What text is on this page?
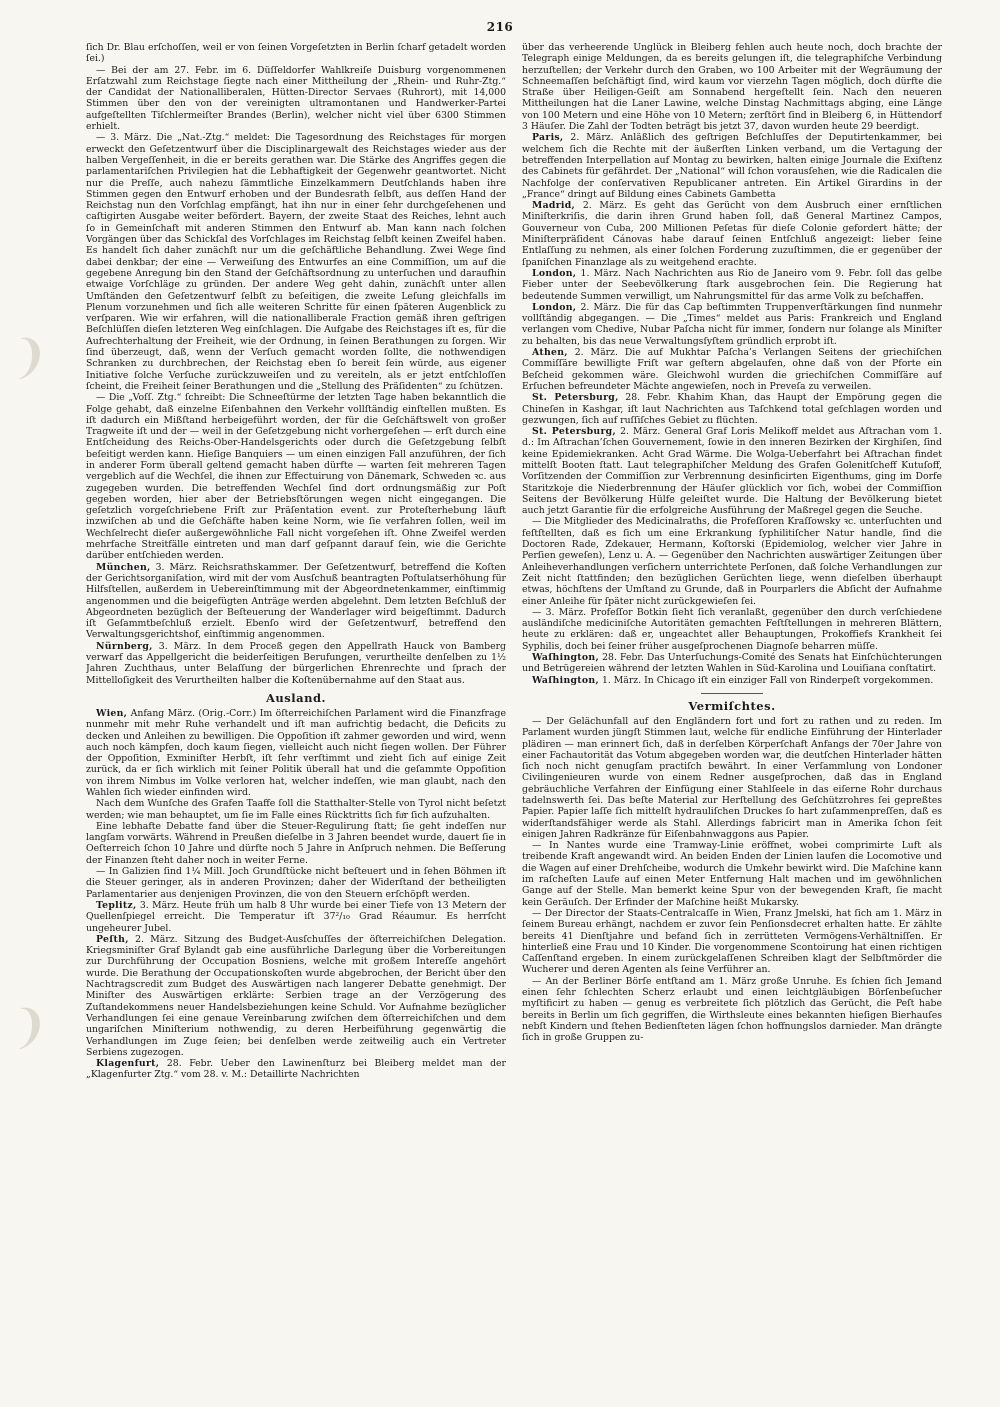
216
❩
❩

ſich Dr. Blau erſchoſſen, weil er von ſeinen Vorgeſetzten in Berlin ſcharf getadelt worden ſei.)

— Bei der am 27. Febr. im 6. Düſſeldorfer Wahlkreiſe Duisburg vorgenommenen Erſatzwahl zum Reichstage ſiegte nach einer Mittheilung der „Rhein- und Ruhr-Ztg.“ der Candidat der Nationalliberalen, Hütten-Director Servaes (Ruhrort), mit 14,000 Stimmen über den von der vereinigten ultramontanen und Handwerker-Partei aufgeſtellten Tiſchlermeiſter Brandes (Berlin), welcher nicht viel über 6300 Stimmen erhielt.

— 3. März. Die „Nat.-Ztg.“ meldet: Die Tagesordnung des Reichstages für morgen erweckt den Geſetzentwurf über die Disciplinargewalt des Reichstages wieder aus der halben Vergeſſenheit, in die er bereits gerathen war. Die Stärke des Angriffes gegen die parlamentariſchen Privilegien hat die Lebhaftigkeit der Gegenwehr geantwortet. Nicht nur die Preſſe, auch nahezu ſämmtliche Einzelkammern Deutſchlands haben ihre Stimmen gegen den Entwurf erhoben und der Bundesrath ſelbſt, aus deſſen Hand der Reichstag nun den Vorſchlag empfängt, hat ihn nur in einer ſehr durchgeſehenen und caſtigirten Ausgabe weiter befördert. Bayern, der zweite Staat des Reiches, lehnt auch ſo in Gemeinſchaft mit anderen Stimmen den Entwurf ab. Man kann nach ſolchen Vorgängen über das Schickſal des Vorſchlages im Reichstag ſelbſt keinen Zweifel haben. Es handelt ſich daher zunächſt nur um die geſchäftliche Behandlung. Zwei Wege ſind dabei denkbar; der eine — Verweiſung des Entwurfes an eine Commiſſion, um auf die gegebene Anregung bin den Stand der Geſchäftsordnung zu unterſuchen und daraufhin etwaige Vorſchläge zu gründen. Der andere Weg geht dahin, zunächſt unter allen Umſtänden den Geſetzentwurf ſelbſt zu beſeitigen, die zweite Leſung gleichfalls im Plenum vorzunehmen und ſich alle weiteren Schritte für einen ſpäteren Augenblick zu verſparen. Wie wir erfahren, will die nationalliberale Fraction gemäß ihren geſtrigen Beſchlüſſen dieſen letzteren Weg einſchlagen. Die Aufgabe des Reichstages iſt es, für die Aufrechterhaltung der Freiheit, wie der Ordnung, in ſeinen Berathungen zu ſorgen. Wir ſind überzeugt, daß, wenn der Verſuch gemacht worden ſollte, die nothwendigen Schranken zu durchbrechen, der Reichstag eben ſo bereit ſein würde, aus eigener Initiative ſolche Verſuche zurückzuweiſen und zu vereiteln, als er jetzt entſchloſſen ſcheint, die Freiheit ſeiner Berathungen und die „Stellung des Präſidenten“ zu ſchützen.

— Die „Voſſ. Ztg.“ ſchreibt: Die Schneeſtürme der letzten Tage haben bekanntlich die Folge gehabt, daß einzelne Eiſenbahnen den Verkehr vollſtändig einſtellen mußten. Es iſt dadurch ein Mißſtand herbeigeführt worden, der für die Geſchäftswelt von großer Tragweite iſt und der — weil in der Geſetzgebung nicht vorhergeſehen — erſt durch eine Entſcheidung des Reichs-Ober-Handelsgerichts oder durch die Geſetzgebung ſelbſt beſeitigt werden kann. Hieſige Banquiers — um einen einzigen Fall anzuführen, der ſich in anderer Form überall geltend gemacht haben dürfte — warten ſeit mehreren Tagen vergeblich auf die Wechſel, die ihnen zur Effectuirung von Dänemark, Schweden ꝛc. aus zugegeben wurden. Die betreffenden Wechſel ſind dort ordnungsmäßig zur Poſt gegeben worden, hier aber der Betriebsſtörungen wegen nicht eingegangen. Die geſetzlich vorgeſchriebene Friſt zur Präſentation event. zur Proteſterhebung läuft inzwiſchen ab und die Geſchäfte haben keine Norm, wie ſie verfahren ſollen, weil im Wechſelrecht dieſer außergewöhnliche Fall nicht vorgeſehen iſt. Ohne Zweifel werden mehrfache Streitfälle eintreten und man darf geſpannt darauf ſein, wie die Gerichte darüber entſchieden werden.

München, 3. März. Reichsrathskammer. Der Geſetzentwurf, betreffend die Koſten der Gerichtsorganiſation, wird mit der vom Ausſchuß beantragten Poſtulatserhöhung für Hilfsſtellen, außerdem in Uebereinſtimmung mit der Abgeordnetenkammer, einſtimmig angenommen und die beigefügten Anträge werden abgelehnt. Dem letzten Beſchluß der Abgeordneten bezüglich der Beſteuerung der Wanderlager wird beigeſtimmt. Dadurch iſt Geſammtbeſchluß erzielt. Ebenſo wird der Geſetzentwurf, betreffend den Verwaltungsgerichtshof, einſtimmig angenommen.

Nürnberg, 3. März. In dem Proceß gegen den Appellrath Hauck von Bamberg verwarf das Appellgericht die beiderſeitigen Berufungen, verurtheilte denſelben zu 1½ Jahren Zuchthaus, unter Belaſſung der bürgerlichen Ehrenrechte und ſprach der Mittelloſigkeit des Verurtheilten halber die Koſtenübernahme auf den Staat aus.

Ausland.

Wien, Anfang März. (Orig.-Corr.) Im öſterreichiſchen Parlament wird die Finanzfrage nunmehr mit mehr Ruhe verhandelt und iſt man aufrichtig bedacht, die Deficits zu decken und Anleihen zu bewilligen. Die Oppoſition iſt zahmer geworden und wird, wenn auch noch kämpfen, doch kaum ſiegen, vielleicht auch nicht ſiegen wollen. Der Führer der Oppoſition, Exminiſter Herbſt, iſt ſehr verſtimmt und zieht ſich auf einige Zeit zurück, da er ſich wirklich mit ſeiner Politik überall hat und die geſammte Oppoſition von ihrem Nimbus im Volke verloren hat, welcher indeſſen, wie man glaubt, nach den Wahlen ſich wieder einfinden wird.

Nach dem Wunſche des Grafen Taaffe ſoll die Statthalter-Stelle von Tyrol nicht beſetzt werden; wie man behauptet, um ſie im Falle eines Rücktritts ſich fuͤr ſich aufzuhalten.

Eine lebhafte Debatte fand über die Steuer-Regulirung ſtatt; ſie geht indeſſen nur langſam vorwärts. Während in Preußen dieſelbe in 3 Jahren beendet wurde, dauert ſie in Oeſterreich ſchon 10 Jahre und dürfte noch 5 Jahre in Anſpruch nehmen. Die Beſſerung der Finanzen ſteht daher noch in weiter Ferne.

— In Galizien ſind 1¼ Mill. Joch Grundſtücke nicht beſteuert und in ſehen Böhmen iſt die Steuer geringer, als in anderen Provinzen; daher der Widerſtand der betheiligten Parlamentarier aus denjenigen Provinzen, die von den Steuern erſchöpft werden.

Teplitz, 3. März. Heute früh um halb 8 Uhr wurde bei einer Tiefe von 13 Metern der Quellenſpiegel erreicht. Die Temperatur iſt 37²/₁₀ Grad Réaumur. Es herrſcht ungeheurer Jubel.

Peſth, 2. März. Sitzung des Budget-Ausſchuſſes der öſterreichiſchen Delegation. Kriegsminiſter Graf Bylandt gab eine ausführliche Darlegung über die Vorbereitungen zur Durchführung der Occupation Bosniens, welche mit großem Intereſſe angehört wurde. Die Berathung der Occupationskoſten wurde abgebrochen, der Bericht über den Nachtragscredit zum Budget des Auswärtigen nach langerer Debatte genehmigt. Der Miniſter des Auswärtigen erklärte: Serbien trage an der Verzögerung des Zuſtandekommens neuer Handelsbeziehungen keine Schuld. Vor Aufnahme bezüglicher Verhandlungen ſei eine genaue Vereinbarung zwiſchen dem öſterreichiſchen und dem ungariſchen Miniſterium nothwendig, zu deren Herbeiführung gegenwärtig die Verhandlungen im Zuge ſeien; bei denſelben werde zeitweilig auch ein Vertreter Serbiens zugezogen.

Klagenfurt, 28. Febr. Ueber den Lawinenſturz bei Bleiberg meldet man der „Klagenfurter Ztg.“ vom 28. v. M.: Detaillirte Nachrichten

über das verheerende Unglück in Bleiberg fehlen auch heute noch, doch brachte der Telegraph einige Meldungen, da es bereits gelungen iſt, die telegraphiſche Verbindung herzuſtellen; der Verkehr durch den Graben, wo 100 Arbeiter mit der Wegräumung der Schneemaſſen beſchäftigt ſind, wird kaum vor vierzehn Tagen möglich, doch dürfte die Straße über Heiligen-Geiſt am Sonnabend hergeſtellt ſein. Nach den neueren Mittheilungen hat die Laner Lawine, welche Dinstag Nachmittags abging, eine Länge von 100 Metern und eine Höhe von 10 Metern; zerſtört ſind in Bleiberg 6, in Hüttendorf 3 Häuſer. Die Zahl der Todten beträgt bis jetzt 37, davon wurden heute 29 beerdigt.

Paris, 2. März. Anläßlich des geſtrigen Beſchluſſes der Deputirtenkammer, bei welchem ſich die Rechte mit der äußerſten Linken verband, um die Vertagung der betreffenden Interpellation auf Montag zu bewirken, halten einige Journale die Exiſtenz des Cabinets für gefährdet. Der „National“ will ſchon vorausſehen, wie die Radicalen die Nachfolge der conſervativen Republicaner antreten. Ein Artikel Girardins in der „France“ dringt auf Bildung eines Cabinets Gambetta

Madrid, 2. März. Es geht das Gerücht von dem Ausbruch einer ernſtlichen Miniſterkriſis, die darin ihren Grund haben ſoll, daß General Martinez Campos, Gouverneur von Cuba, 200 Millionen Peſetas für dieſe Colonie gefordert hätte; der Miniſterpräſident Cánovas habe darauf ſeinen Entſchluß angezeigt: lieber ſeine Entlaſſung zu nehmen, als einer ſolchen Forderung zuzuſtimmen, die er gegenüber der ſpaniſchen Finanzlage als zu weitgehend erachte.

London, 1. März. Nach Nachrichten aus Rio de Janeiro vom 9. Febr. ſoll das gelbe Fieber unter der Seebevölkerung ſtark ausgebrochen ſein. Die Regierung hat bedeutende Summen verwilligt, um Nahrungsmittel für das arme Volk zu beſchaffen.

London, 2. März. Die für das Cap beſtimmten Truppenverſtärkungen ſind nunmehr vollſtändig abgegangen. — Die „Times“ meldet aus Paris: Frankreich und England verlangen vom Chedive, Nubar Paſcha nicht für immer, ſondern nur ſolange als Miniſter zu behalten, bis das neue Verwaltungsſyſtem gründlich erprobt iſt.

Athen, 2. März. Die auf Mukhtar Paſcha’s Verlangen Seitens der griechiſchen Commiſſäre bewilligte Friſt war geſtern abgelaufen, ohne daß von der Pforte ein Beſcheid gekommen wäre. Gleichwohl wurden die griechiſchen Commiſſäre auf Erſuchen befreundeter Mächte angewieſen, noch in Preveſa zu verweilen.

St. Petersburg, 28. Febr. Khahim Khan, das Haupt der Empörung gegen die Chineſen in Kashgar, iſt laut Nachrichten aus Taſchkend total geſchlagen worden und gezwungen, ſich auf ruſſiſches Gebiet zu flüchten.

St. Petersburg, 2. März. General Graf Loris Melikoff meldet aus Aſtrachan vom 1. d.: Im Aſtrachan’ſchen Gouvernement, ſowie in den inneren Bezirken der Kirghiſen, ſind keine Epidemiekranken. Acht Grad Wärme. Die Wolga-Ueberfahrt bei Aſtrachan findet mittelſt Booten ſtatt. Laut telegraphiſcher Meldung des Grafen Golenitſcheff Kutuſoff, Vorſitzenden der Commiſſion zur Verbrennung desinficirten Eigenthums, ging im Dorfe Staritzkoje die Niederbrennung der Häuſer glücklich vor ſich, wobei der Commiſſion Seitens der Bevölkerung Hülfe geleiſtet wurde. Die Haltung der Bevölkerung bietet auch jetzt Garantie für die erfolgreiche Ausführung der Maßregel gegen die Seuche.

— Die Mitglieder des Medicinalraths, die Profeſſoren Kraſſowsky ꝛc. unterſuchten und feſtſtellten, daß es ſich um eine Erkrankung ſyphilitiſcher Natur handle, ſind die Doctoren Rade, Zdekauer, Hermann, Koſtorski (Epidemiolog, welcher vier Jahre in Perſien geweſen), Lenz u. A. — Gegenüber den Nachrichten auswärtiger Zeitungen über Anleiheverhandlungen verſichern unterrichtete Perſonen, daß ſolche Verhandlungen zur Zeit nicht ſtattfinden; den bezüglichen Gerüchten liege, wenn dieſelben überhaupt etwas, höchſtens der Umſtand zu Grunde, daß in Pourparlers die Abſicht der Aufnahme einer Anleihe für ſpäter nicht zurückgewieſen ſei.

— 3. März. Profeſſor Botkin ſieht ſich veranlaßt, gegenüber den durch verſchiedene ausländiſche mediciniſche Autoritäten gemachten Feſtſtellungen in mehreren Blättern, heute zu erklären: daß er, ungeachtet aller Behauptungen, Prokoffiefs Krankheit ſei Syphilis, doch bei ſeiner früher ausgeſprochenen Diagnoſe beharren müſſe.

Waſhington, 28. Febr. Das Unterſuchungs-Comité des Senats hat Einſchüchterungen und Betrügereien während der letzten Wahlen in Süd-Karolina und Louiſiana conſtatirt.

Waſhington, 1. März. In Chicago iſt ein einziger Fall von Rinderpeſt vorgekommen.

Vermiſchtes.

— Der Gelächunfall auf den Engländern fort und fort zu rathen und zu reden. Im Parlament wurden jüngſt Stimmen laut, welche für endliche Einführung der Hinterlader plädiren — man erinnert ſich, daß in derſelben Körperſchaft Anfangs der 70er Jahre von einer Fachautorität das Votum abgegeben worden war, die deutſchen Hinterlader hätten ſich noch nicht genugſam practiſch bewährt. In einer Verſammlung von Londoner Civilingenieuren wurde von einem Redner ausgeſprochen, daß das in England gebräuchliche Verfahren der Einfügung einer Stahlſeele in das eiſerne Rohr durchaus tadelnswerth ſei. Das beſte Material zur Herſtellung des Geſchützrohres ſei gepreßtes Papier. Papier laſſe ſich mittelſt hydrauliſchen Druckes ſo hart zuſammenpreſſen, daß es widerſtandsfähiger werde als Stahl. Allerdings fabricirt man in Amerika ſchon ſeit einigen Jahren Radkränze für Eiſenbahnwaggons aus Papier.

— In Nantes wurde eine Tramway-Linie eröffnet, wobei comprimirte Luft als treibende Kraft angewandt wird. An beiden Enden der Linien laufen die Locomotive und die Wagen auf einer Drehſcheibe, wodurch die Umkehr bewirkt wird. Die Maſchine kann im raſcheſten Laufe auf einen Meter Entfernung Halt machen und im gewöhnlichen Gange auf der Stelle. Man bemerkt keine Spur von der bewegenden Kraft, ſie macht kein Geräuſch. Der Erfinder der Maſchine heißt Mukarsky.

— Der Director der Staats-Centralcaſſe in Wien, Franz Jmelski, hat ſich am 1. März in ſeinem Bureau erhängt, nachdem er zuvor ſein Penſionsdecret erhalten hatte. Er zählte bereits 41 Dienſtjahre und befand ſich in zerrütteten Vermögens-Verhältniſſen. Er hinterließ eine Frau und 10 Kinder. Die vorgenommene Scontoirung hat einen richtigen Caſſenſtand ergeben. In einem zurückgelaſſenen Schreiben klagt der Selbſtmörder die Wucherer und deren Agenten als ſeine Verführer an.

— An der Berliner Börſe entſtand am 1. März große Unruhe. Es ſchien ſich Jemand einen ſehr ſchlechten Scherz erlaubt und einen leichtgläubigen Börſenbeſucher myſtificirt zu haben — genug es verbreitete ſich plötzlich das Gerücht, die Peſt habe bereits in Berlin um ſich gegriffen, die Wirthsleute eines bekannten hieſigen Bierhauſes nebſt Kindern und ſtehen Bedienſteten lägen ſchon hoffnungslos darnieder. Man drängte ſich in große Gruppen zu-
